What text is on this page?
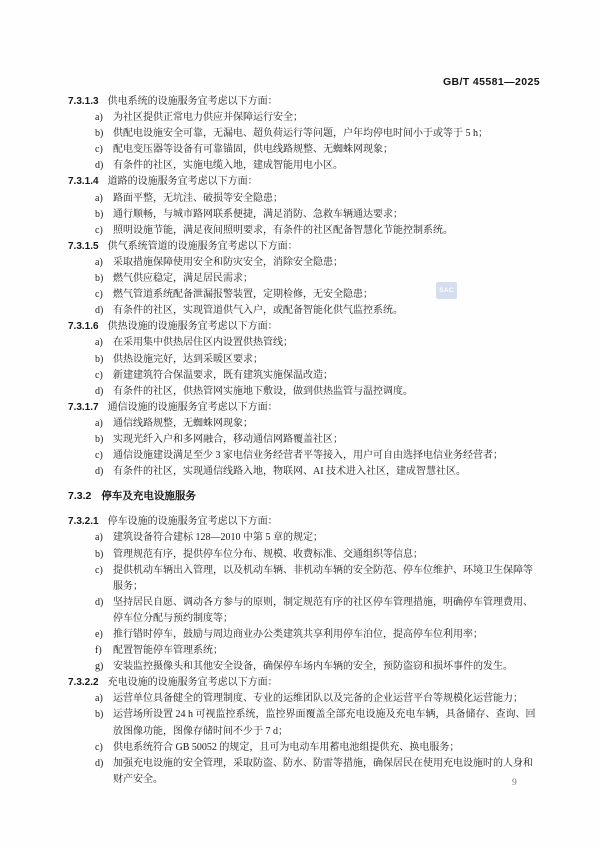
GB/T 45581—2025
7.3.1.3 供电系统的设施服务宜考虑以下方面：
a) 为社区提供正常电力供应并保障运行安全；
b) 供配电设施安全可靠，无漏电、超负荷运行等问题，户年均停电时间小于或等于 5 h；
c) 配电变压器等设备有可靠锚固，供电线路规整、无蜘蛛网现象；
d) 有条件的社区，实施电缆入地，建成智能用电小区。
7.3.1.4 道路的设施服务宜考虑以下方面：
a) 路面平整，无坑洼、破损等安全隐患；
b) 通行顺畅，与城市路网联系便捷，满足消防、急救车辆通达要求；
c) 照明设施节能，满足夜间照明要求，有条件的社区配备智慧化节能控制系统。
7.3.1.5 供气系统管道的设施服务宜考虑以下方面：
a) 采取措施保障使用安全和防灾安全，消除安全隐患；
b) 燃气供应稳定，满足居民需求；
c) 燃气管道系统配备泄漏报警装置，定期检修，无安全隐患；
d) 有条件的社区，实现管道供气入户，或配备智能化供气监控系统。
7.3.1.6 供热设施的设施服务宜考虑以下方面：
a) 在采用集中供热居住区内设置供热管线；
b) 供热设施完好，达到采暖区要求；
c) 新建建筑符合保温要求，既有建筑实施保温改造；
d) 有条件的社区，供热管网实施地下敷设，做到供热监管与温控调度。
7.3.1.7 通信设施的设施服务宜考虑以下方面：
a) 通信线路规整，无蜘蛛网现象；
b) 实现光纤入户和多网融合，移动通信网路覆盖社区；
c) 通信设施建设满足至少 3 家电信业务经营者平等接入，用户可自由选择电信业务经营者；
d) 有条件的社区，实现通信线路入地，物联网、AI 技术进入社区，建成智慧社区。
7.3.2 停车及充电设施服务
7.3.2.1 停车设施的设施服务宜考虑以下方面：
a) 建筑设备符合建标 128—2010 中第 5 章的规定；
b) 管理规范有序，提供停车位分布、规模、收费标准、交通组织等信息；
c) 提供机动车辆出入管理，以及机动车辆、非机动车辆的安全防范、停车位维护、环境卫生保障等服务；
d) 坚持居民自愿、调动各方参与的原则，制定规范有序的社区停车管理措施，明确停车管理费用、停车位分配与预约制度等；
e) 推行错时停车，鼓励与周边商业办公类建筑共享利用停车泊位，提高停车位利用率；
f) 配置智能停车管理系统；
g) 安装监控摄像头和其他安全设备，确保停车场内车辆的安全，预防盗窃和损坏事件的发生。
7.3.2.2 充电设施的设施服务宜考虑以下方面：
a) 运营单位具备健全的管理制度、专业的运维团队以及完备的企业运营平台等规模化运营能力；
b) 运营场所设置 24 h 可视监控系统，监控界面覆盖全部充电设施及充电车辆，具备储存、查询、回放图像功能，图像存储时间不少于 7 d；
c) 供电系统符合 GB 50052 的规定，且可为电动车用蓄电池组提供充、换电服务；
d) 加强充电设施的安全管理，采取防盗、防水、防雷等措施，确保居民在使用充电设施时的人身和财产安全。
SAC
9
